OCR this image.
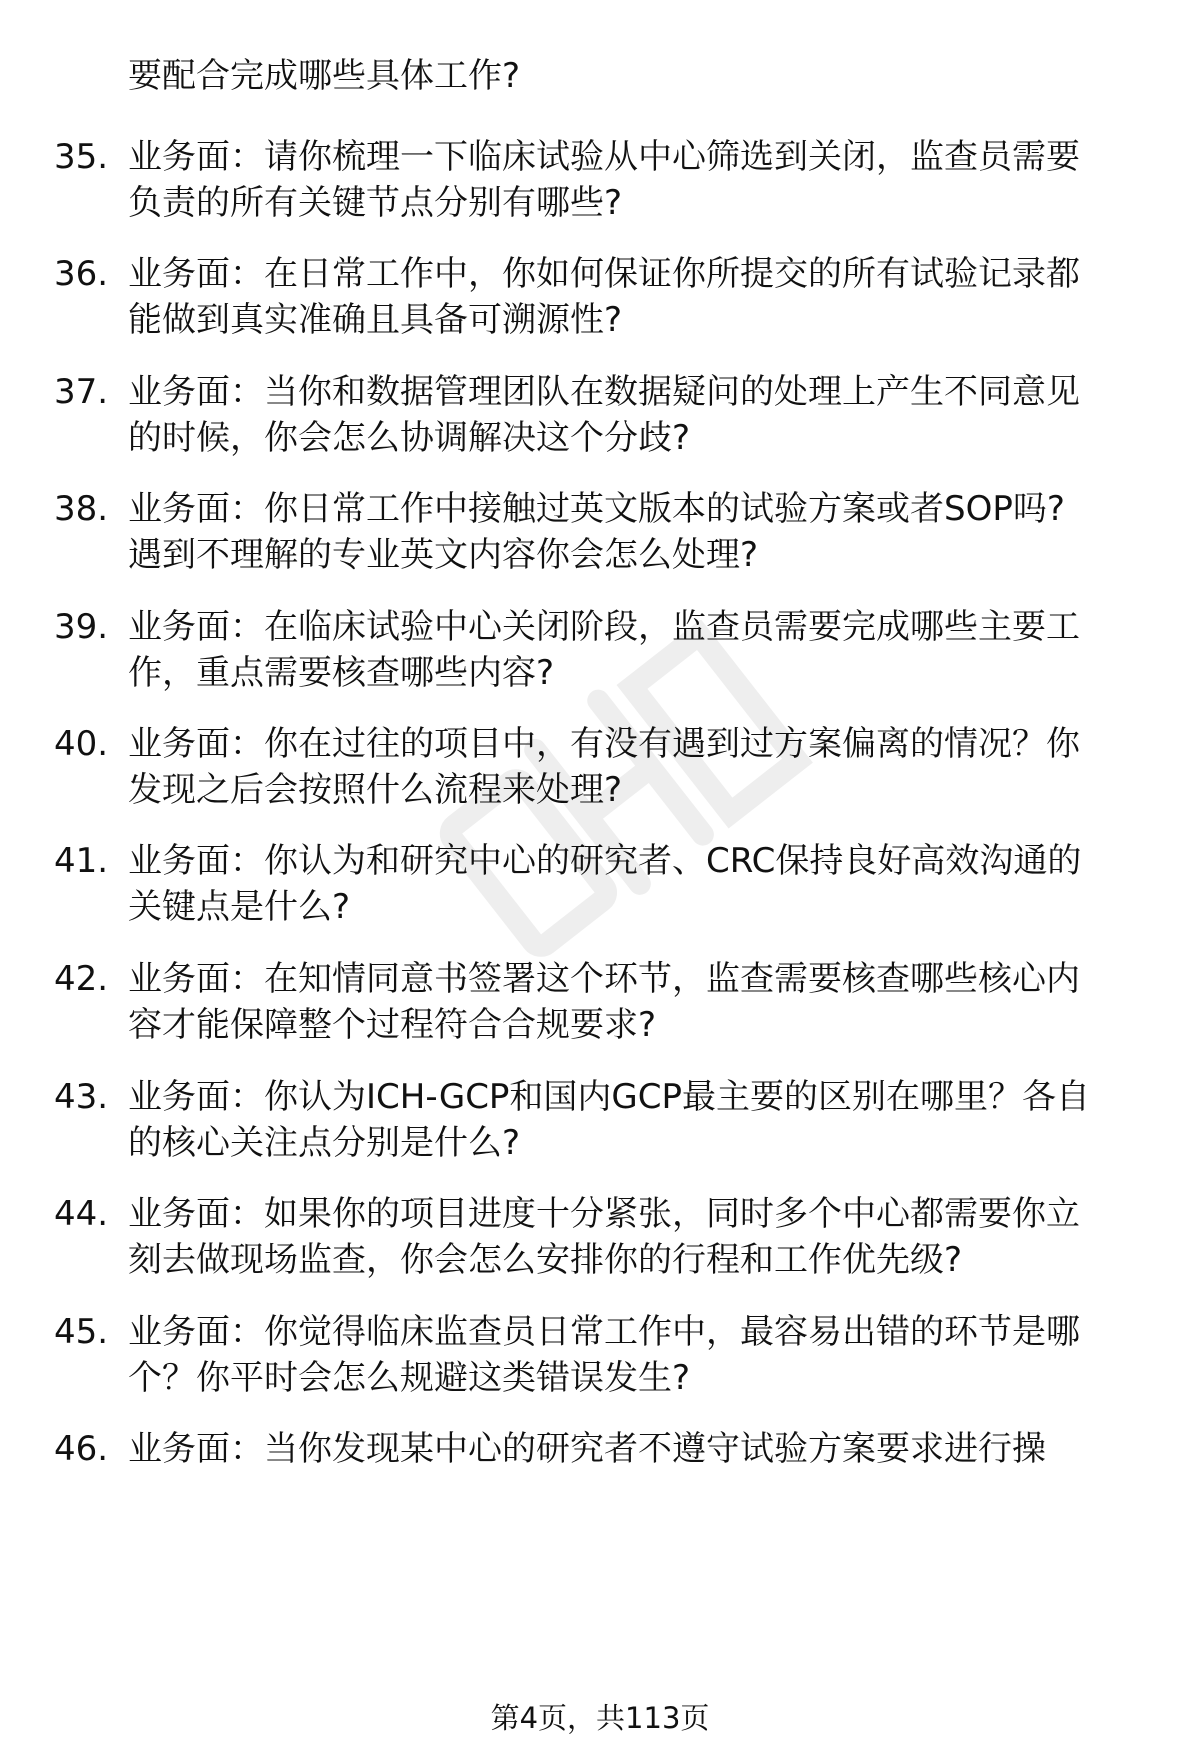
要配合完成哪些具体工作?
35. 业务面：请你梳理一下临床试验从中心筛选到关闭，监查员需要
负责的所有关键节点分别有哪些?
36. 业务面：在日常工作中，你如何保证你所提交的所有试验记录都
能做到真实准确且具备可溯源性?
37. 业务面：当你和数据管理团队在数据疑问的处理上产生不同意见
的时候，你会怎么协调解决这个分歧?
38. 业务面：你日常工作中接触过英文版本的试验方案或者SOP吗?
遇到不理解的专业英文内容你会怎么处理?
39. 业务面：在临床试验中心关闭阶段，监查员需要完成哪些主要工
作，重点需要核查哪些内容?
40. 业务面：你在过往的项目中，有没有遇到过方案偏离的情况？你
发现之后会按照什么流程来处理?
41. 业务面：你认为和研究中心的研究者、CRC保持良好高效沟通的
关键点是什么?
42. 业务面：在知情同意书签署这个环节，监查需要核查哪些核心内
容才能保障整个过程符合合规要求?
43. 业务面：你认为ICH-GCP和国内GCP最主要的区别在哪里？各自
的核心关注点分别是什么?
44. 业务面：如果你的项目进度十分紧张，同时多个中心都需要你立
刻去做现场监查，你会怎么安排你的行程和工作优先级?
45. 业务面：你觉得临床监查员日常工作中，最容易出错的环节是哪
个？你平时会怎么规避这类错误发生?
46. 业务面：当你发现某中心的研究者不遵守试验方案要求进行操
第4页，共113页
